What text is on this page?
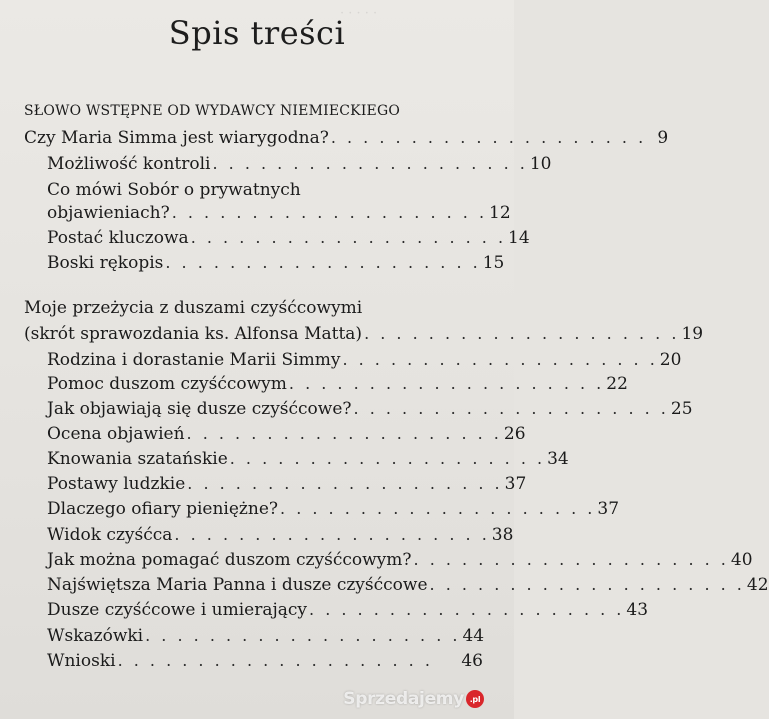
· · · · ·
Spis treści
SŁOWO WSTĘPNE OD WYDAWCY NIEMIECKIEGO
Czy Maria Simma jest wiarygodna? . . . . . . . . . . . . . . . . . . . . 9
Możliwość kontroli . . . . . . . . . . . . . . . . . . . . 10
Co mówi Sobór o prywatnych
objawieniach? . . . . . . . . . . . . . . . . . . . . 12
Postać kluczowa . . . . . . . . . . . . . . . . . . . . 14
Boski rękopis . . . . . . . . . . . . . . . . . . . . 15
Moje przeżycia z duszami czyśćcowymi
(skrót sprawozdania ks. Alfonsa Matta) . . . . . . . . . . . . . . . . . . . . 19
Rodzina i dorastanie Marii Simmy . . . . . . . . . . . . . . . . . . . . 20
Pomoc duszom czyśćcowym . . . . . . . . . . . . . . . . . . . . 22
Jak objawiają się dusze czyśćcowe? . . . . . . . . . . . . . . . . . . . . 25
Ocena objawień . . . . . . . . . . . . . . . . . . . . 26
Knowania szatańskie . . . . . . . . . . . . . . . . . . . . 34
Postawy ludzkie . . . . . . . . . . . . . . . . . . . . 37
Dlaczego ofiary pieniężne? . . . . . . . . . . . . . . . . . . . . 37
Widok czyśćca . . . . . . . . . . . . . . . . . . . . 38
Jak można pomagać duszom czyśćcowym? . . . . . . . . . . . . . . . . . . . . 40
Najświętsza Maria Panna i dusze czyśćcowe . . . . . . . . . . . . . . . . . . . . 42
Dusze czyśćcowe i umierający . . . . . . . . . . . . . . . . . . . . 43
Wskazówki . . . . . . . . . . . . . . . . . . . . 44
Wnioski . . . . . . . . . . . . . . . . . . . .	46
Sprzedajemy .pl
